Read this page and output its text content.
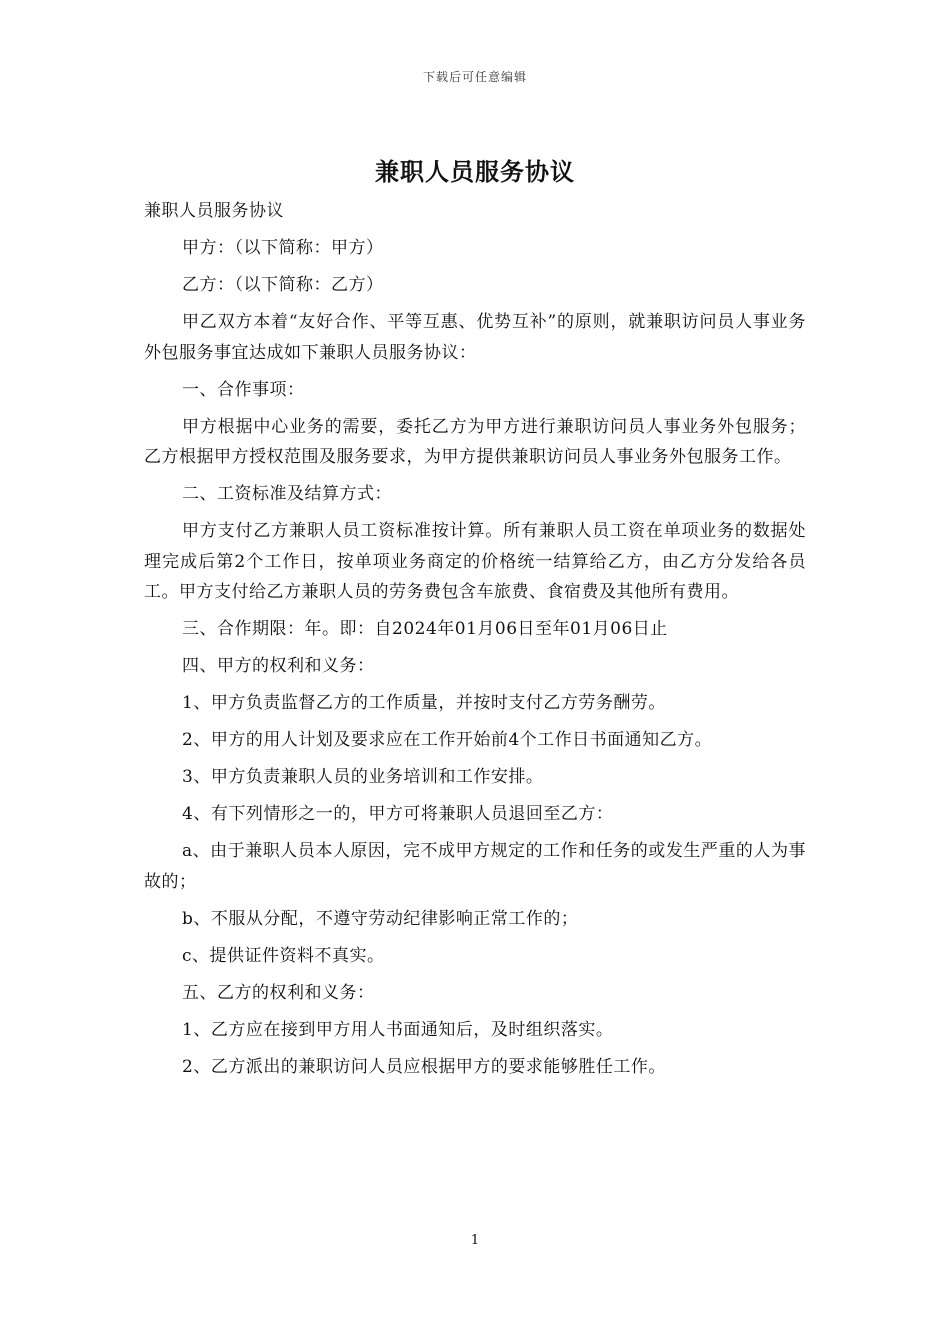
下载后可任意编辑
兼职人员服务协议

兼职人员服务协议

甲方：（以下简称：甲方）

乙方：（以下简称：乙方）

甲乙双方本着“友好合作、平等互惠、优势互补”的原则，就兼职访问员人事业务外包服务事宜达成如下兼职人员服务协议：

一、合作事项：

甲方根据中心业务的需要，委托乙方为甲方进行兼职访问员人事业务外包服务；乙方根据甲方授权范围及服务要求，为甲方提供兼职访问员人事业务外包服务工作。

二、工资标准及结算方式：

甲方支付乙方兼职人员工资标准按计算。所有兼职人员工资在单项业务的数据处理完成后第2个工作日，按单项业务商定的价格统一结算给乙方，由乙方分发给各员工。甲方支付给乙方兼职人员的劳务费包含车旅费、食宿费及其他所有费用。

三、合作期限：年。即：自2024年01月06日至年01月06日止

四、甲方的权利和义务：

1、甲方负责监督乙方的工作质量，并按时支付乙方劳务酬劳。

2、甲方的用人计划及要求应在工作开始前4个工作日书面通知乙方。

3、甲方负责兼职人员的业务培训和工作安排。

4、有下列情形之一的，甲方可将兼职人员退回至乙方：

a、由于兼职人员本人原因，完不成甲方规定的工作和任务的或发生严重的人为事故的；

b、不服从分配，不遵守劳动纪律影响正常工作的；

c、提供证件资料不真实。

五、乙方的权利和义务：

1、乙方应在接到甲方用人书面通知后，及时组织落实。

2、乙方派出的兼职访问人员应根据甲方的要求能够胜任工作。

1
